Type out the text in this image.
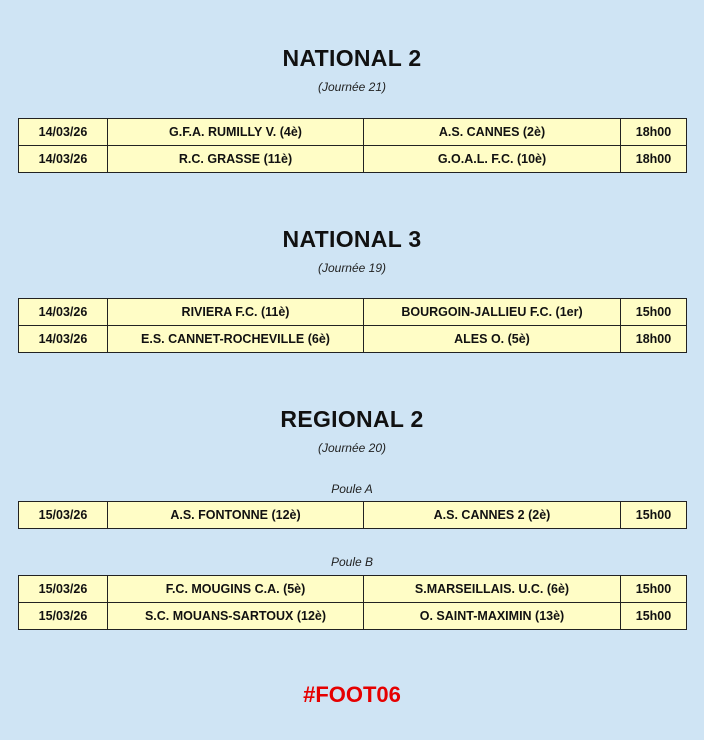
NATIONAL 2
(Journée 21)
14/03/26	G.F.A. RUMILLY V. (4è)	A.S. CANNES (2è)	18h00
14/03/26	R.C. GRASSE (11è)	G.O.A.L. F.C. (10è)	18h00
NATIONAL 3
(Journée 19)
14/03/26	RIVIERA F.C. (11è)	BOURGOIN-JALLIEU F.C. (1er)	15h00
14/03/26	E.S. CANNET-ROCHEVILLE (6è)	ALES O. (5è)	18h00
REGIONAL 2
(Journée 20)
Poule A
15/03/26	A.S. FONTONNE (12è)	A.S. CANNES 2 (2è)	15h00
Poule B
15/03/26	F.C. MOUGINS C.A. (5è)	S.MARSEILLAIS. U.C. (6è)	15h00
15/03/26	S.C. MOUANS-SARTOUX (12è)	O. SAINT-MAXIMIN (13è)	15h00
#FOOT06
